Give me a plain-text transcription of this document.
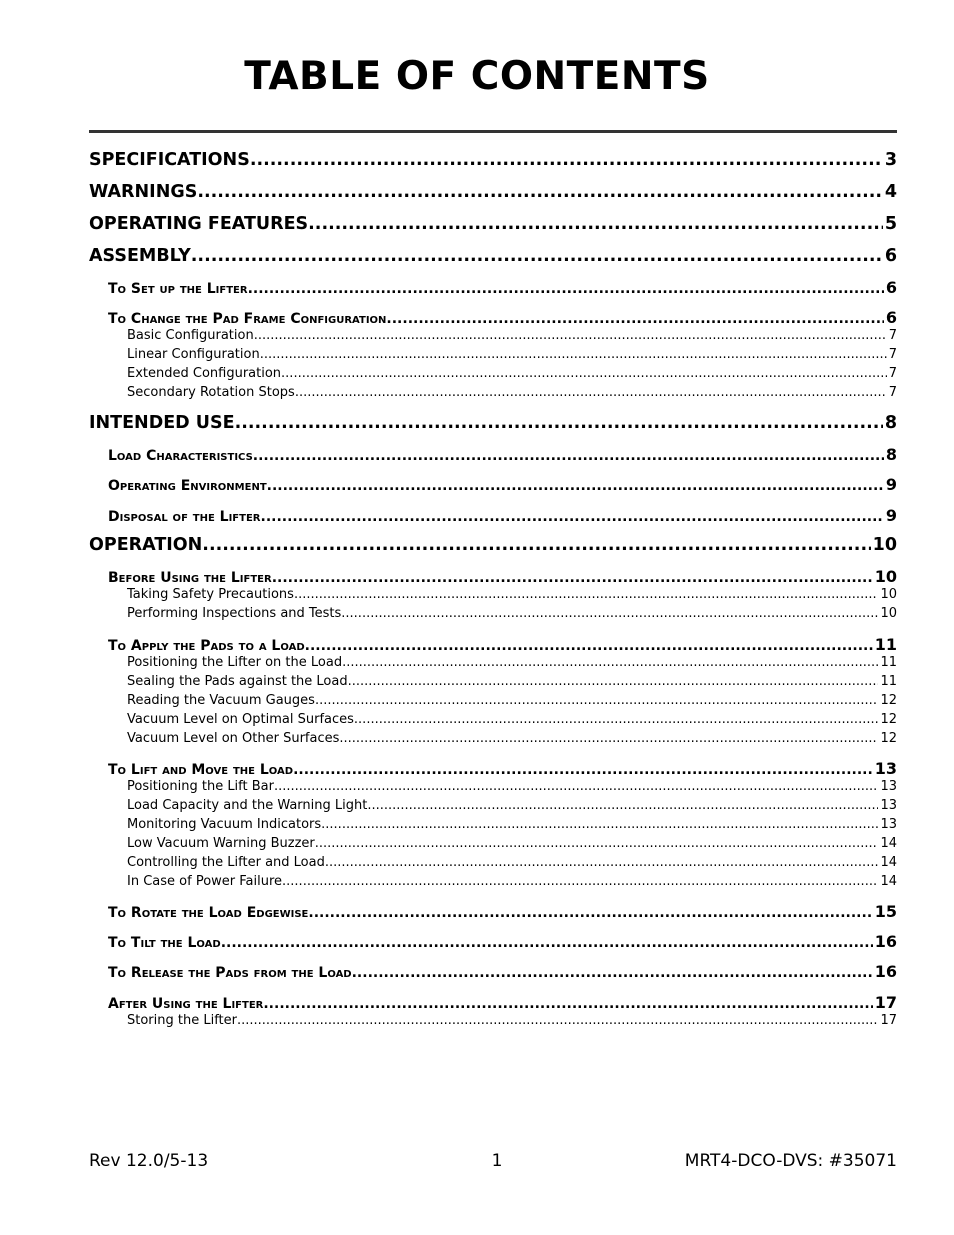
TABLE OF CONTENTS
SPECIFICATIONS .....	3
WARNINGS .....	4
OPERATING FEATURES .....	5
ASSEMBLY .....	6
To Set up the Lifter .....	6
To Change the Pad Frame Configuration .....	6
Basic Configuration .....	7
Linear Configuration .....	7
Extended Configuration .....	7
Secondary Rotation Stops .....	7
INTENDED USE .....	8
Load Characteristics .....	8
Operating Environment .....	9
Disposal of the Lifter .....	9
OPERATION .....	10
Before Using the Lifter .....	10
Taking Safety Precautions .....	10
Performing Inspections and Tests .....	10
To Apply the Pads to a Load .....	11
Positioning the Lifter on the Load .....	11
Sealing the Pads against the Load .....	11
Reading the Vacuum Gauges .....	12
Vacuum Level on Optimal Surfaces .....	12
Vacuum Level on Other Surfaces .....	12
To Lift and Move the Load .....	13
Positioning the Lift Bar .....	13
Load Capacity and the Warning Light .....	13
Monitoring Vacuum Indicators .....	13
Low Vacuum Warning Buzzer .....	14
Controlling the Lifter and Load .....	14
In Case of Power Failure .....	14
To Rotate the Load Edgewise .....	15
To Tilt the Load .....	16
To Release the Pads from the Load .....	16
After Using the Lifter .....	17
Storing the Lifter .....	17
Rev 12.0/5-13	1	MRT4-DCO-DVS: #35071
